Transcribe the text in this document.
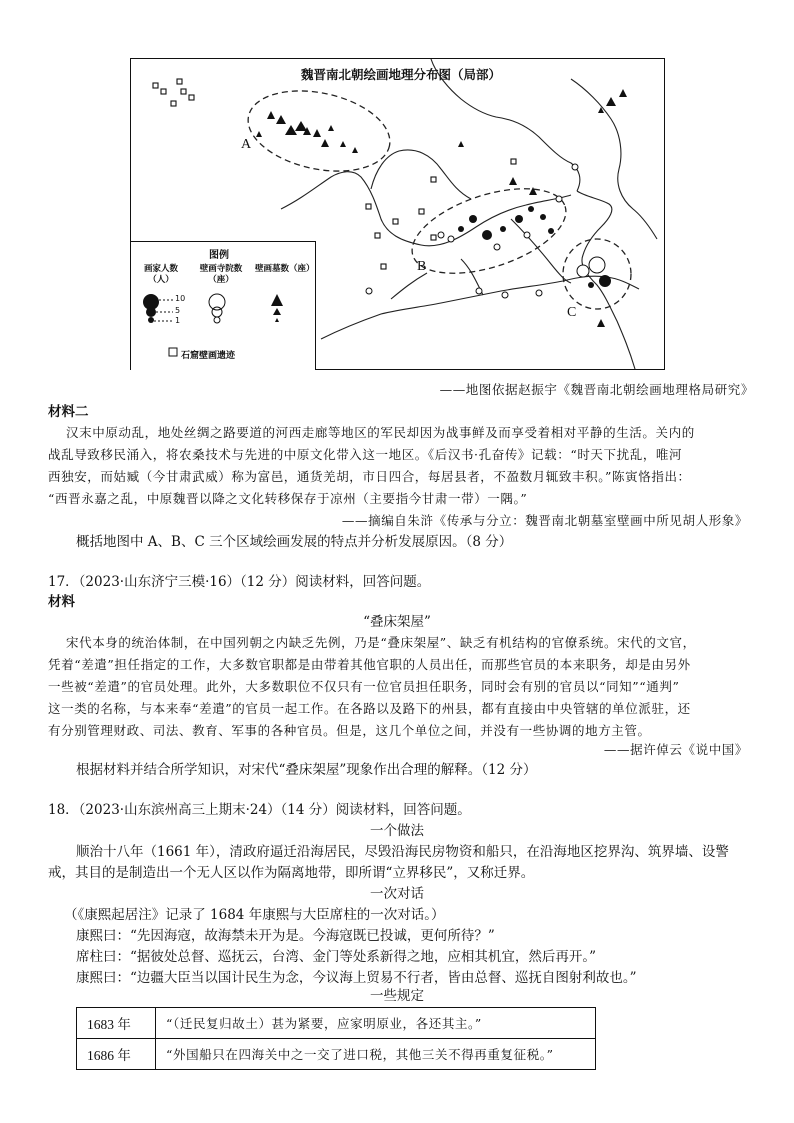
魏晋南北朝绘画地理分布图（局部）
A
B
C
图例
画家人数（人）
壁画寺院数（座）
壁画墓数（座）
10
5
1
石窟壁画遗迹
——地图依据赵振宇《魏晋南北朝绘画地理格局研究》
材料二
汉末中原动乱，地处丝绸之路要道的河西走廊等地区的军民却因为战事鲜及而享受着相对平静的生活。关内的
战乱导致移民涌入，将农桑技术与先进的中原文化带入这一地区。《后汉书·孔奋传》记载：“时天下扰乱，唯河
西独安，而姑臧（今甘肃武威）称为富邑，通货羌胡，市日四合，每居县者，不盈数月辄致丰积。”陈寅恪指出：
“西晋永嘉之乱，中原魏晋以降之文化转移保存于凉州（主要指今甘肃一带）一隅。”
——摘编自朱浒《传承与分立：魏晋南北朝墓室壁画中所见胡人形象》
概括地图中 A、B、C 三个区域绘画发展的特点并分析发展原因。（8 分）
17．（2023·山东济宁三模·16）（12 分）阅读材料，回答问题。
材料
“叠床架屋”
宋代本身的统治体制，在中国列朝之内缺乏先例，乃是“叠床架屋”、缺乏有机结构的官僚系统。宋代的文官，
凭着“差遣”担任指定的工作，大多数官职都是由带着其他官职的人员出任，而那些官员的本来职务，却是由另外
一些被“差遣”的官员处理。此外，大多数职位不仅只有一位官员担任职务，同时会有别的官员以“同知”“通判”
这一类的名称，与本来奉“差遣”的官员一起工作。在各路以及路下的州县，都有直接由中央管辖的单位派驻，还
有分别管理财政、司法、教育、军事的各种官员。但是，这几个单位之间，并没有一些协调的地方主管。
——据许倬云《说中国》
根据材料并结合所学知识，对宋代“叠床架屋”现象作出合理的解释。（12 分）
18．（2023·山东滨州高三上期末·24）（14 分）阅读材料，回答问题。
一个做法
顺治十八年（1661 年），清政府逼迁沿海居民，尽毁沿海民房物资和船只，在沿海地区挖界沟、筑界墙、设警
戒，其目的是制造出一个无人区以作为隔离地带，即所谓“立界移民”，又称迁界。
一次对话
（《康熙起居注》记录了 1684 年康熙与大臣席柱的一次对话。）
康熙曰：“先因海寇，故海禁未开为是。今海寇既已投诚，更何所待？”
席柱曰：“据彼处总督、巡抚云，台湾、金门等处系新得之地，应相其机宜，然后再开。”
康熙曰：“边疆大臣当以国计民生为念，今议海上贸易不行者，皆由总督、巡抚自图射利故也。”
一些规定
1683 年	“（迁民复归故土）甚为紧要，应家明原业，各还其主。”
1686 年	“外国船只在四海关中之一交了进口税，其他三关不得再重复征税。”
